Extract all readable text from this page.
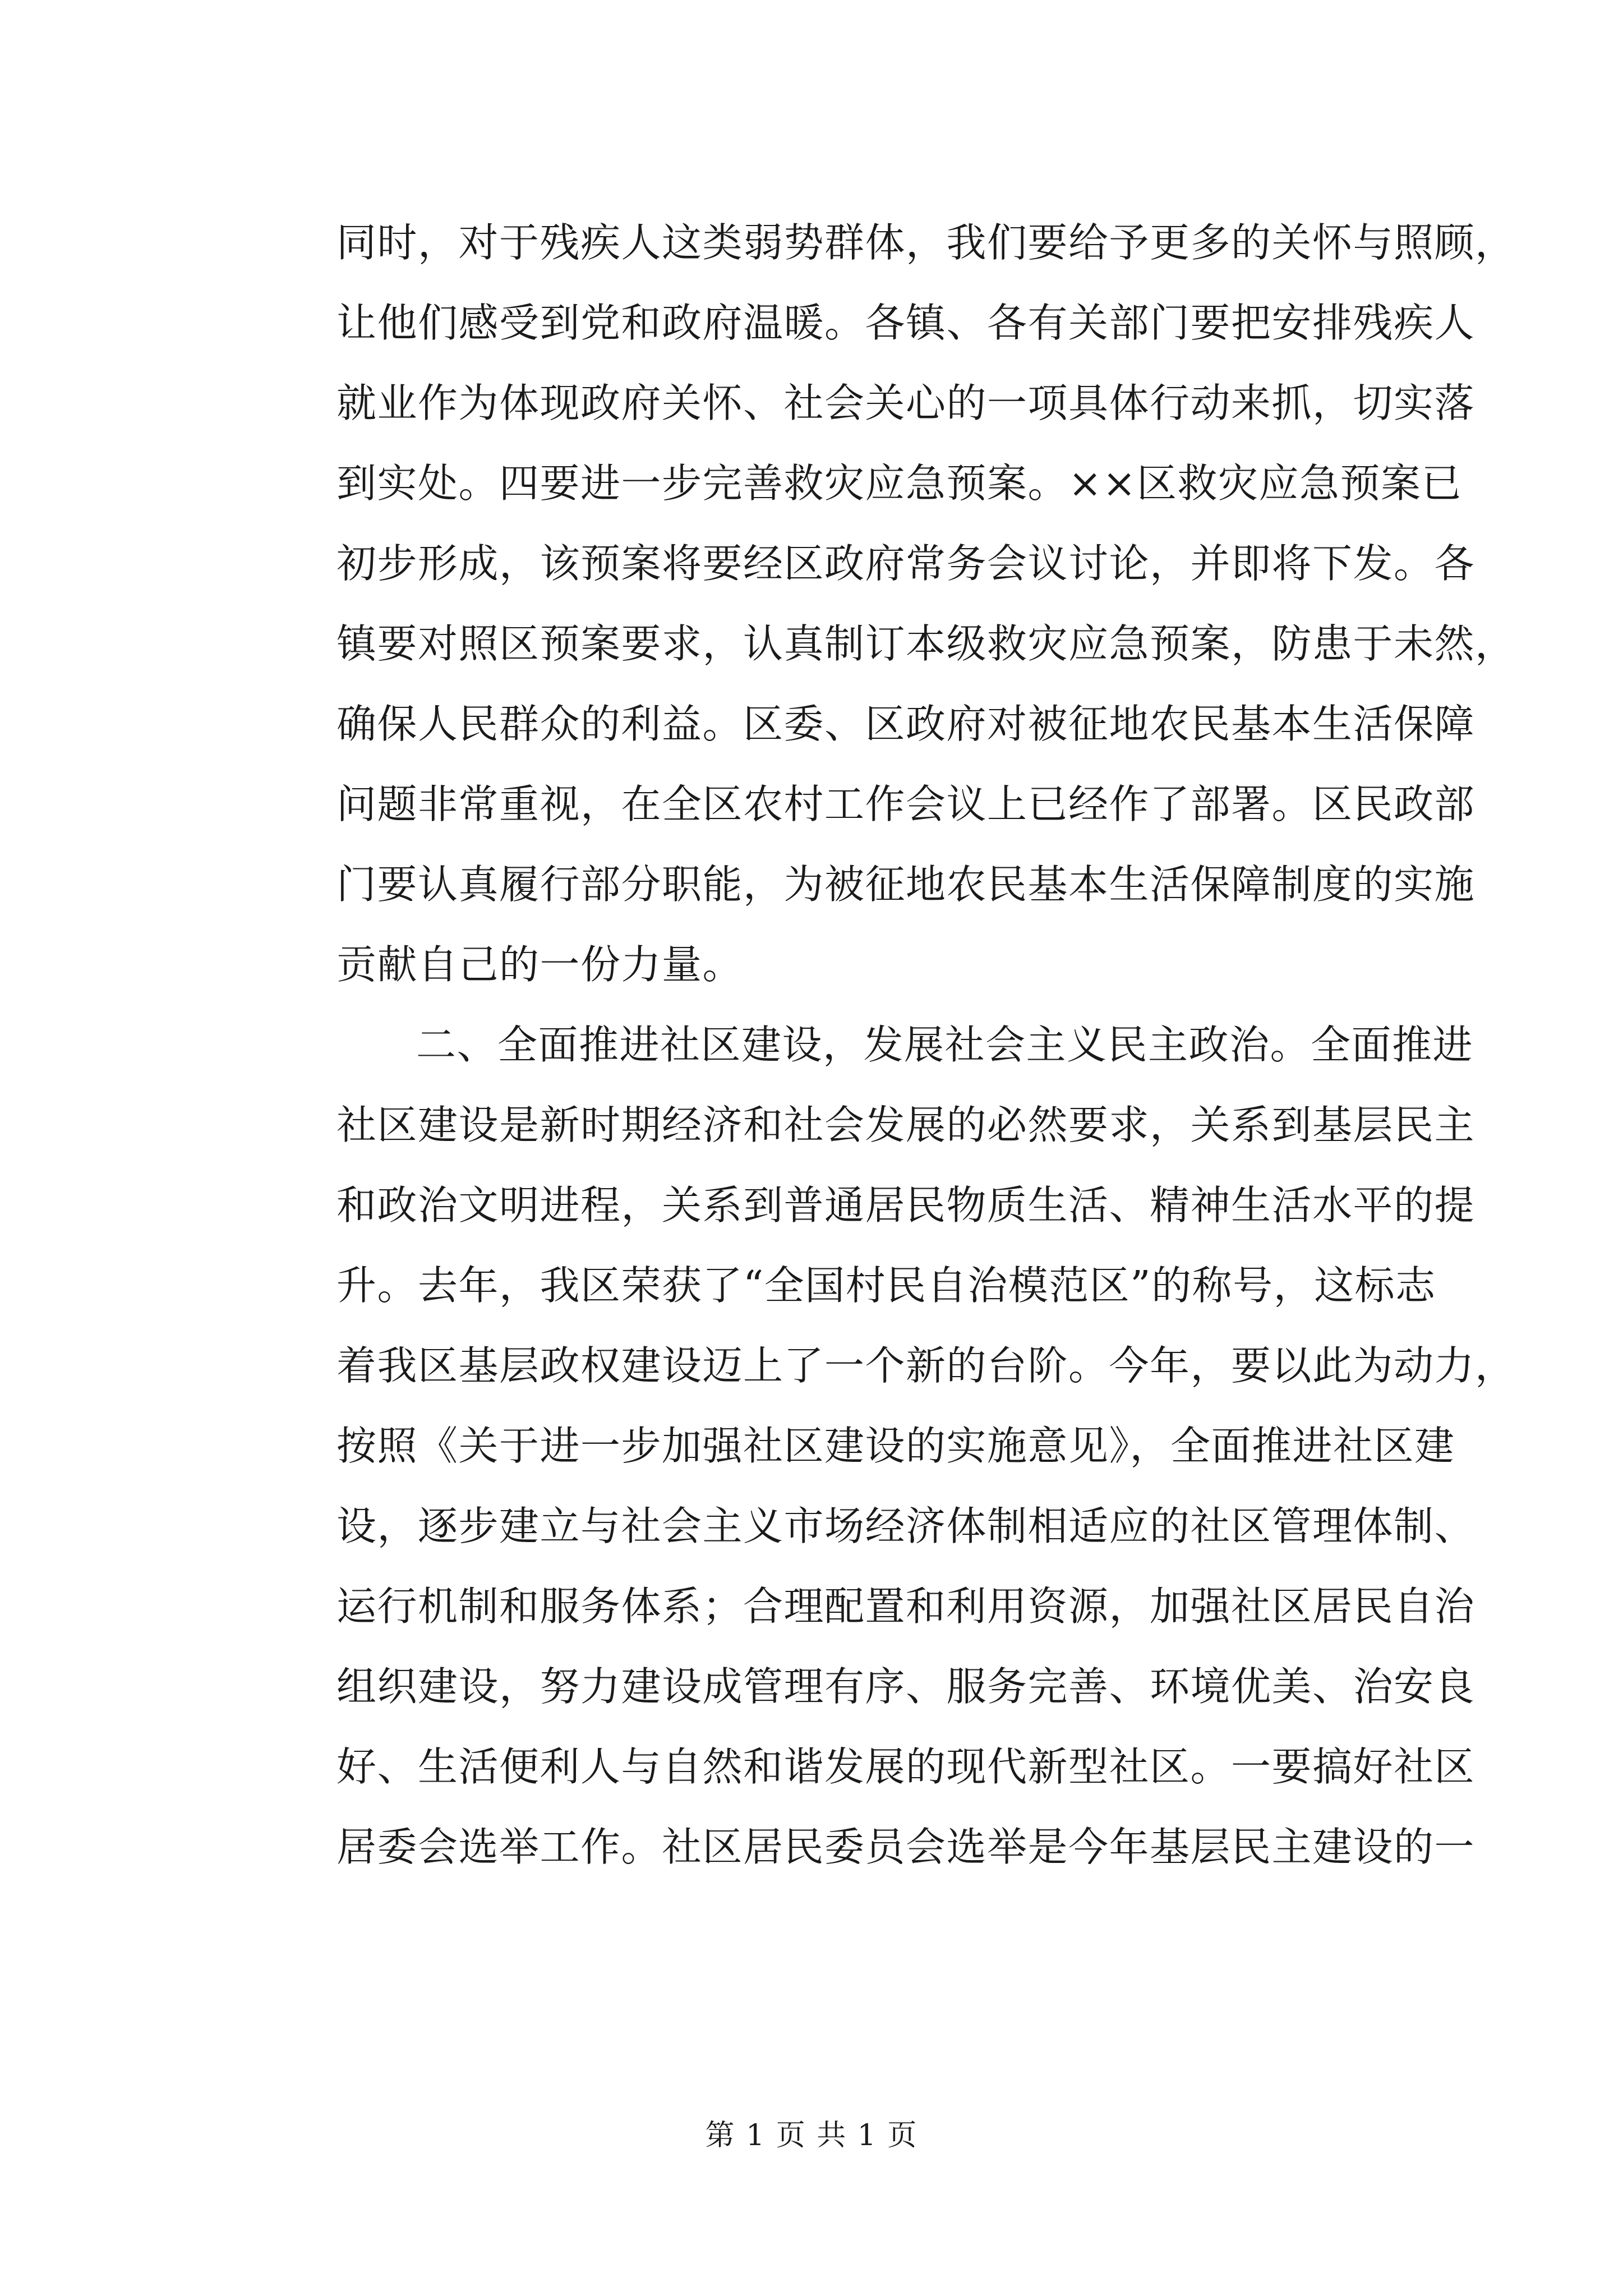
同时，对于残疾人这类弱势群体，我们要给予更多的关怀与照顾，
让他们感受到党和政府温暖。各镇、各有关部门要把安排残疾人
就业作为体现政府关怀、社会关心的一项具体行动来抓，切实落
到实处。四要进一步完善救灾应急预案。××区救灾应急预案已
初步形成，该预案将要经区政府常务会议讨论，并即将下发。各
镇要对照区预案要求，认真制订本级救灾应急预案，防患于未然，
确保人民群众的利益。区委、区政府对被征地农民基本生活保障
问题非常重视，在全区农村工作会议上已经作了部署。区民政部
门要认真履行部分职能，为被征地农民基本生活保障制度的实施
贡献自己的一份力量。
二、全面推进社区建设，发展社会主义民主政治。全面推进
社区建设是新时期经济和社会发展的必然要求，关系到基层民主
和政治文明进程，关系到普通居民物质生活、精神生活水平的提
升。去年，我区荣获了“全国村民自治模范区”的称号，这标志
着我区基层政权建设迈上了一个新的台阶。今年，要以此为动力，
按照《关于进一步加强社区建设的实施意见》，全面推进社区建
设，逐步建立与社会主义市场经济体制相适应的社区管理体制、
运行机制和服务体系；合理配置和利用资源，加强社区居民自治
组织建设，努力建设成管理有序、服务完善、环境优美、治安良
好、生活便利人与自然和谐发展的现代新型社区。一要搞好社区
居委会选举工作。社区居民委员会选举是今年基层民主建设的一
第 1 页 共 1 页
